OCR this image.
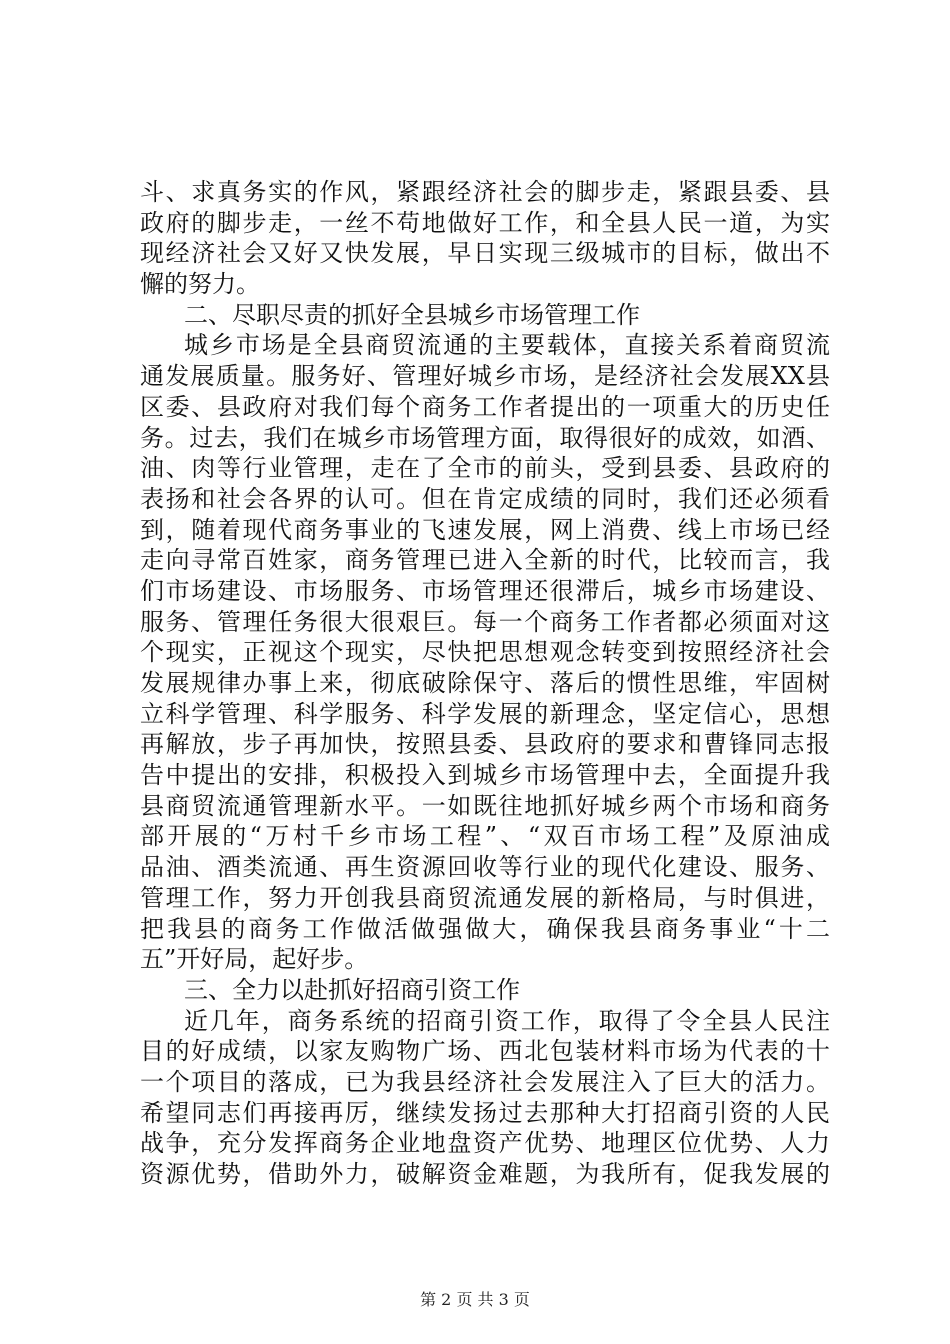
斗、求真务实的作风，紧跟经济社会的脚步走，紧跟县委、县
政府的脚步走，一丝不苟地做好工作，和全县人民一道，为实
现经济社会又好又快发展，早日实现三级城市的目标，做出不
懈的努力。
二、尽职尽责的抓好全县城乡市场管理工作
城乡市场是全县商贸流通的主要载体，直接关系着商贸流
通发展质量。服务好、管理好城乡市场，是经济社会发展XX县
区委、县政府对我们每个商务工作者提出的一项重大的历史任
务。过去，我们在城乡市场管理方面，取得很好的成效，如酒、
油、肉等行业管理，走在了全市的前头，受到县委、县政府的
表扬和社会各界的认可。但在肯定成绩的同时，我们还必须看
到，随着现代商务事业的飞速发展，网上消费、线上市场已经
走向寻常百姓家，商务管理已进入全新的时代，比较而言，我
们市场建设、市场服务、市场管理还很滞后，城乡市场建设、
服务、管理任务很大很艰巨。每一个商务工作者都必须面对这
个现实，正视这个现实，尽快把思想观念转变到按照经济社会
发展规律办事上来，彻底破除保守、落后的惯性思维，牢固树
立科学管理、科学服务、科学发展的新理念，坚定信心，思想
再解放，步子再加快，按照县委、县政府的要求和曹锋同志报
告中提出的安排，积极投入到城乡市场管理中去，全面提升我
县商贸流通管理新水平。一如既往地抓好城乡两个市场和商务
部开展的“万村千乡市场工程”、“双百市场工程”及原油成
品油、酒类流通、再生资源回收等行业的现代化建设、服务、
管理工作，努力开创我县商贸流通发展的新格局，与时俱进，
把我县的商务工作做活做强做大，确保我县商务事业“十二
五”开好局，起好步。
三、全力以赴抓好招商引资工作
近几年，商务系统的招商引资工作，取得了令全县人民注
目的好成绩，以家友购物广场、西北包装材料市场为代表的十
一个项目的落成，已为我县经济社会发展注入了巨大的活力。
希望同志们再接再厉，继续发扬过去那种大打招商引资的人民
战争，充分发挥商务企业地盘资产优势、地理区位优势、人力
资源优势，借助外力，破解资金难题，为我所有，促我发展的
第 2 页 共 3 页
